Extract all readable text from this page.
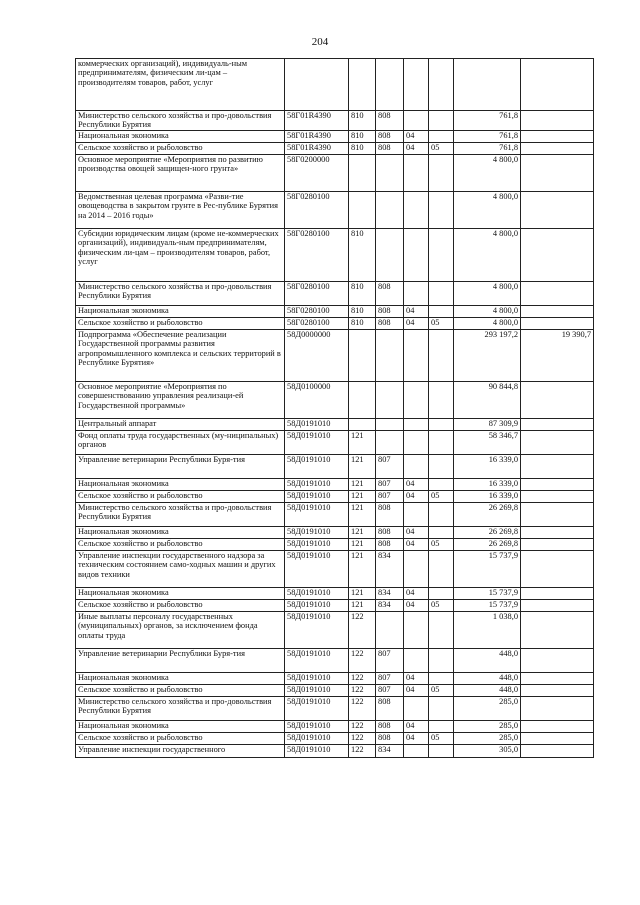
204
коммерческих организаций), индивидуаль-ным предпринимателям, физическим ли-цам – производителям товаров, работ, услуг							
Министерство сельского хозяйства и про-довольствия Республики Бурятия	58Г01R4390	810	808			761,8	
Национальная экономика	58Г01R4390	810	808	04		761,8	
Сельское хозяйство и рыболовство	58Г01R4390	810	808	04	05	761,8	
Основное мероприятие «Мероприятия по развитию производства овощей защищен-ного грунта»	58Г0200000					4 800,0	
Ведомственная целевая программа «Разви-тие овощеводства в закрытом грунте в Рес-публике Бурятия на 2014 – 2016 годы»	58Г0280100					4 800,0	
Субсидии юридическим лицам (кроме не-коммерческих организаций), индивидуаль-ным предпринимателям, физическим ли-цам – производителям товаров, работ, услуг	58Г0280100	810				4 800,0	
Министерство сельского хозяйства и про-довольствия Республики Бурятия	58Г0280100	810	808			4 800,0	
Национальная экономика	58Г0280100	810	808	04		4 800,0	
Сельское хозяйство и рыболовство	58Г0280100	810	808	04	05	4 800,0	
Подпрограмма «Обеспечение реализации Государственной программы развития агропромышленного комплекса и сельских территорий в Республике Бурятия»	58Д0000000					293 197,2	19 390,7
Основное мероприятие «Мероприятия по совершенствованию управления реализаци-ей Государственной программы»	58Д0100000					90 844,8	
Центральный аппарат	58Д0191010					87 309,9	
Фонд оплаты труда государственных (му-ниципальных) органов	58Д0191010	121				58 346,7	
Управление ветеринарии Республики Буря-тия	58Д0191010	121	807			16 339,0	
Национальная экономика	58Д0191010	121	807	04		16 339,0	
Сельское хозяйство и рыболовство	58Д0191010	121	807	04	05	16 339,0	
Министерство сельского хозяйства и про-довольствия Республики Бурятия	58Д0191010	121	808			26 269,8	
Национальная экономика	58Д0191010	121	808	04		26 269,8	
Сельское хозяйство и рыболовство	58Д0191010	121	808	04	05	26 269,8	
Управление инспекции государственного надзора за техническим состоянием само-ходных машин и других видов техники	58Д0191010	121	834			15 737,9	
Национальная экономика	58Д0191010	121	834	04		15 737,9	
Сельское хозяйство и рыболовство	58Д0191010	121	834	04	05	15 737,9	
Иные выплаты персоналу государственных (муниципальных) органов, за исключением фонда оплаты труда	58Д0191010	122				1 038,0	
Управление ветеринарии Республики Буря-тия	58Д0191010	122	807			448,0	
Национальная экономика	58Д0191010	122	807	04		448,0	
Сельское хозяйство и рыболовство	58Д0191010	122	807	04	05	448,0	
Министерство сельского хозяйства и про-довольствия Республики Бурятия	58Д0191010	122	808			285,0	
Национальная экономика	58Д0191010	122	808	04		285,0	
Сельское хозяйство и рыболовство	58Д0191010	122	808	04	05	285,0	
Управление инспекции государственного	58Д0191010	122	834			305,0	
